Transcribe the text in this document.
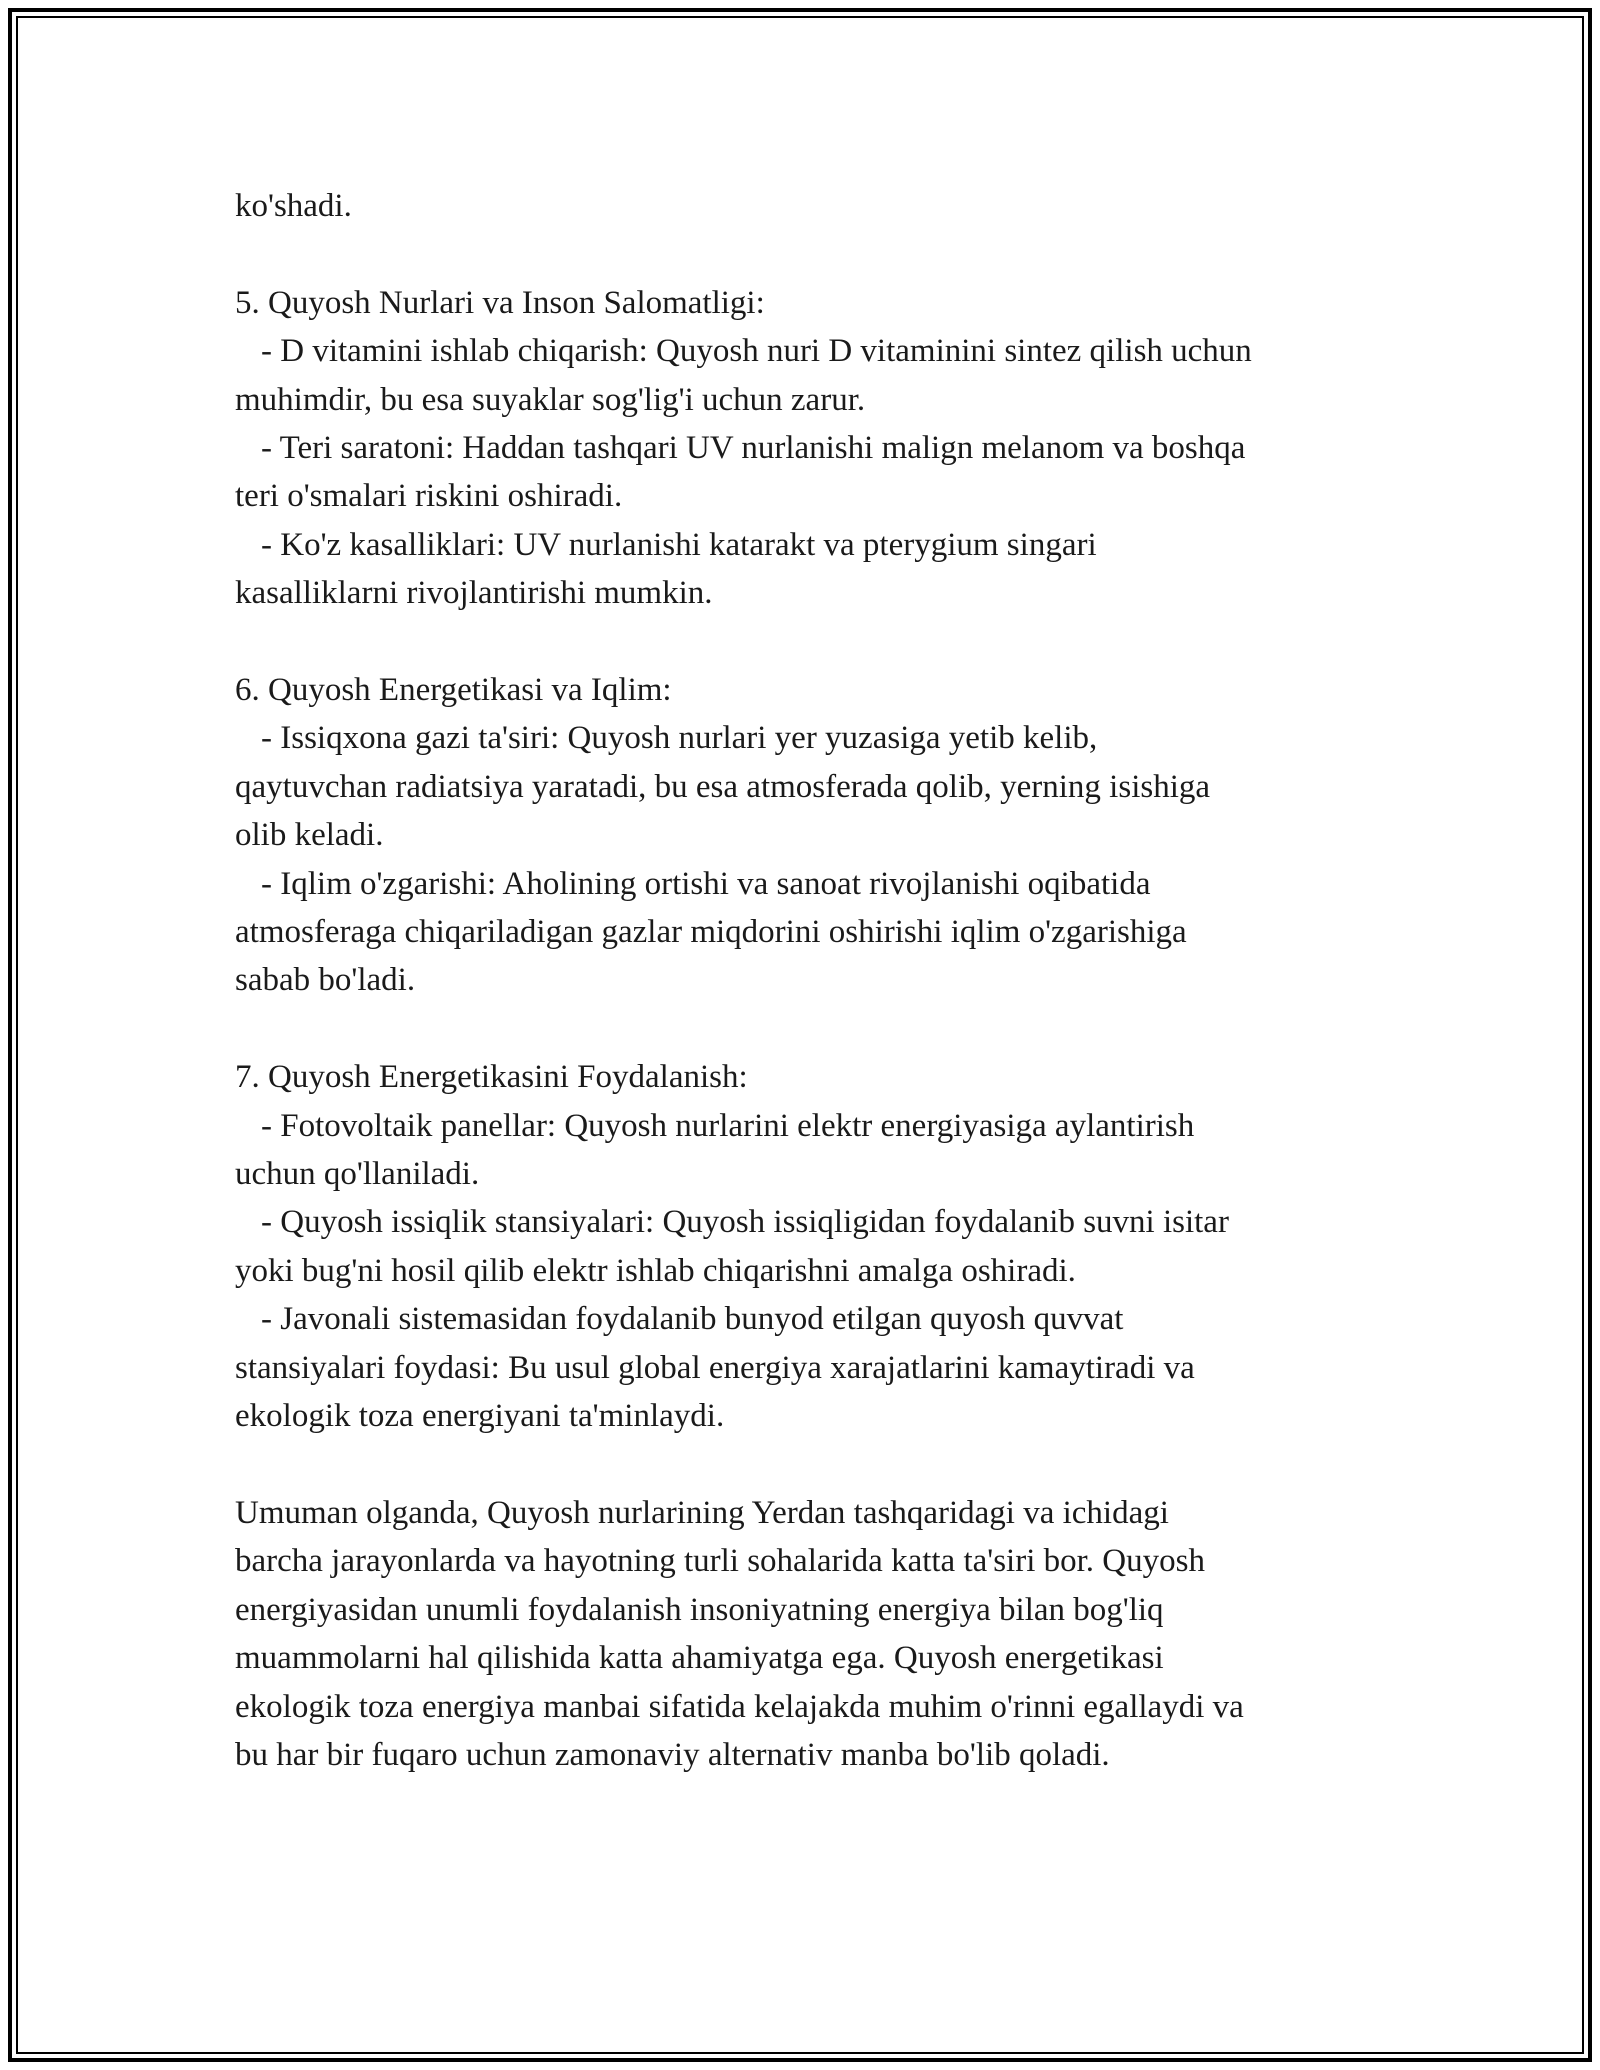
ko'shadi.
5. Quyosh Nurlari va Inson Salomatligi:
- D vitamini ishlab chiqarish: Quyosh nuri D vitaminini sintez qilish uchun
muhimdir, bu esa suyaklar sog'lig'i uchun zarur.
- Teri saratoni: Haddan tashqari UV nurlanishi malign melanom va boshqa
teri o'smalari riskini oshiradi.
- Ko'z kasalliklari: UV nurlanishi katarakt va pterygium singari
kasalliklarni rivojlantirishi mumkin.
6. Quyosh Energetikasi va Iqlim:
- Issiqxona gazi ta'siri: Quyosh nurlari yer yuzasiga yetib kelib,
qaytuvchan radiatsiya yaratadi, bu esa atmosferada qolib, yerning isishiga
olib keladi.
- Iqlim o'zgarishi: Aholining ortishi va sanoat rivojlanishi oqibatida
atmosferaga chiqariladigan gazlar miqdorini oshirishi iqlim o'zgarishiga
sabab bo'ladi.
7. Quyosh Energetikasini Foydalanish:
- Fotovoltaik panellar: Quyosh nurlarini elektr energiyasiga aylantirish
uchun qo'llaniladi.
- Quyosh issiqlik stansiyalari: Quyosh issiqligidan foydalanib suvni isitar
yoki bug'ni hosil qilib elektr ishlab chiqarishni amalga oshiradi.
- Javonali sistemasidan foydalanib bunyod etilgan quyosh quvvat
stansiyalari foydasi: Bu usul global energiya xarajatlarini kamaytiradi va
ekologik toza energiyani ta'minlaydi.
Umuman olganda, Quyosh nurlarining Yerdan tashqaridagi va ichidagi
barcha jarayonlarda va hayotning turli sohalarida katta ta'siri bor. Quyosh
energiyasidan unumli foydalanish insoniyatning energiya bilan bog'liq
muammolarni hal qilishida katta ahamiyatga ega. Quyosh energetikasi
ekologik toza energiya manbai sifatida kelajakda muhim o'rinni egallaydi va
bu har bir fuqaro uchun zamonaviy alternativ manba bo'lib qoladi.
